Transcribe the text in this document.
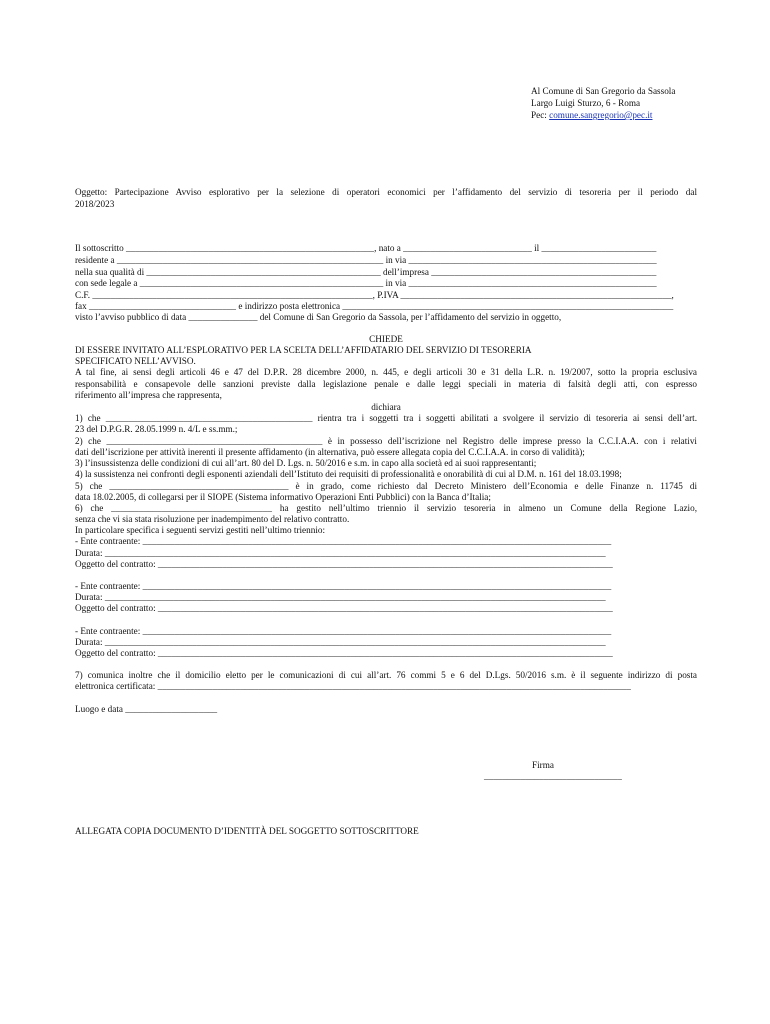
Al Comune di San Gregorio da Sassola
Largo Luigi Sturzo, 6 - Roma
Pec: comune.sangregorio@pec.it
Oggetto: Partecipazione Avviso esplorativo per la selezione di operatori economici per l’affidamento del servizio di tesoreria per il periodo dal
2018/2023
Il sottoscritto ______________________________________________________, nato a ____________________________ il _________________________
residente a __________________________________________________________ in via ______________________________________________________
nella sua qualità di ___________________________________________________ dell’impresa _________________________________________________
con sede legale a _____________________________________________________ in via ______________________________________________________
C.F. _____________________________________________________________, P.IVA ___________________________________________________________,
fax ________________________________ e indirizzo posta elettronica ________________________________________________________________________
visto l’avviso pubblico di data _______________ del Comune di San Gregorio da Sassola, per l’affidamento del servizio in oggetto,
CHIEDE
DI ESSERE INVITATO ALL’ESPLORATIVO PER LA SCELTA DELL’AFFIDATARIO DEL SERVIZIO DI TESORERIA
SPECIFICATO NELL’AVVISO.
A tal fine, ai sensi degli articoli 46 e 47 del D.P.R. 28 dicembre 2000, n. 445, e degli articoli 30 e 31 della L.R. n. 19/2007, sotto la propria esclusiva
responsabilità e consapevole delle sanzioni previste dalla legislazione penale e dalle leggi speciali in materia di falsità degli atti, con espresso
riferimento all’impresa che rappresenta,
dichiara
1) che _____________________________________________ rientra tra i soggetti tra i soggetti abilitati a svolgere il servizio di tesoreria ai sensi dell’art.
23 del D.P.G.R. 28.05.1999 n. 4/L e ss.mm.;
2) che _______________________________________________ è in possesso dell’iscrizione nel Registro delle imprese presso la C.C.I.A.A. con i relativi
dati dell’iscrizione per attività inerenti il presente affidamento (in alternativa, può essere allegata copia del C.C.I.A.A. in corso di validità);
3) l’insussistenza delle condizioni di cui all’art. 80 del D. Lgs. n. 50/2016 e s.m. in capo alla società ed ai suoi rappresentanti;
4) la sussistenza nei confronti degli esponenti aziendali dell’Istituto dei requisiti di professionalità e onorabilità di cui al D.M. n. 161 del 18.03.1998;
5) che _______________________________________ è in grado, come richiesto dal Decreto Ministero dell’Economia e delle Finanze n. 11745 di
data 18.02.2005, di collegarsi per il SIOPE (Sistema informativo Operazioni Enti Pubblici) con la Banca d’Italia;
6) che ___________________________________ ha gestito nell’ultimo triennio il servizio tesoreria in almeno un Comune della Regione Lazio,
senza che vi sia stata risoluzione per inadempimento del relativo contratto.
In particolare specifica i seguenti servizi gestiti nell’ultimo triennio:
- Ente contraente: ______________________________________________________________________________________________________
Durata: _____________________________________________________________________________________________________________
Oggetto del contratto: ___________________________________________________________________________________________________
- Ente contraente: ______________________________________________________________________________________________________
Durata: _____________________________________________________________________________________________________________
Oggetto del contratto: ___________________________________________________________________________________________________
- Ente contraente: ______________________________________________________________________________________________________
Durata: _____________________________________________________________________________________________________________
Oggetto del contratto: ___________________________________________________________________________________________________
7) comunica inoltre che il domicilio eletto per le comunicazioni di cui all’art. 76 commi 5 e 6 del D.Lgs. 50/2016 s.m. è il seguente indirizzo di posta
elettronica certificata: _______________________________________________________________________________________________________
Luogo e data ____________________
Firma
______________________________
ALLEGATA COPIA DOCUMENTO D’IDENTITÀ DEL SOGGETTO SOTTOSCRITTORE
